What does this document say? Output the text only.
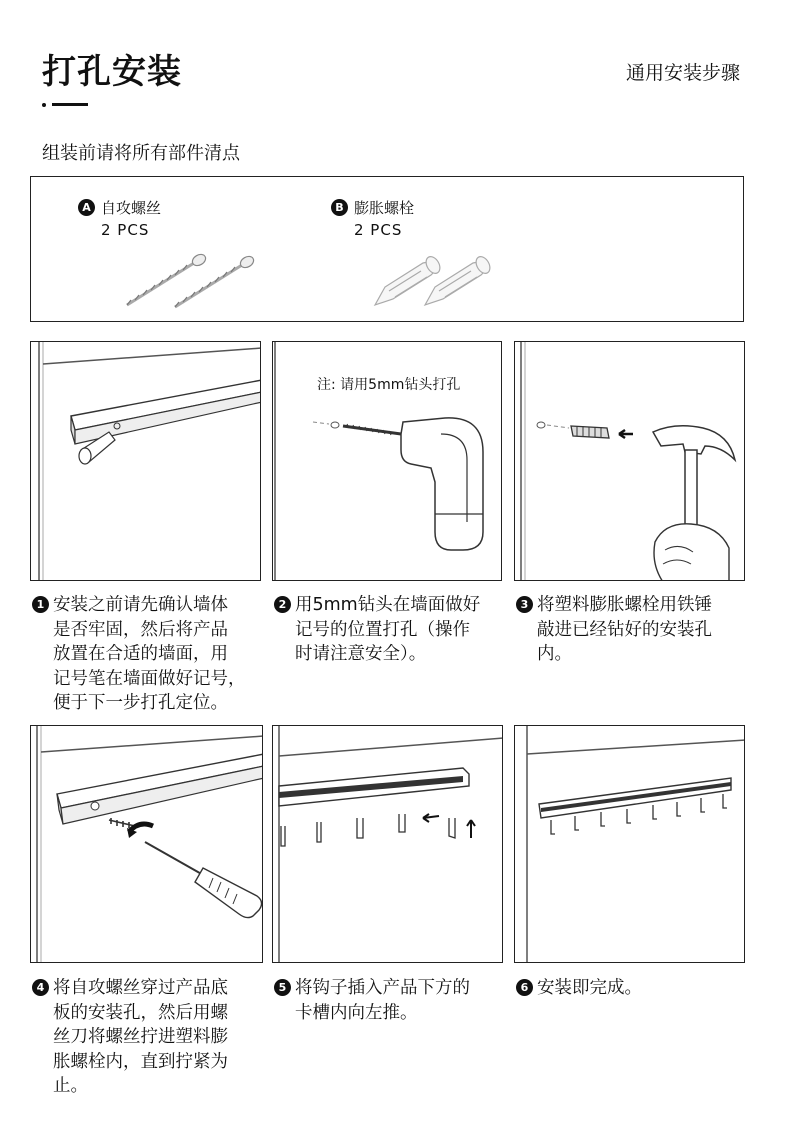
打孔安装	通用安装步骤
组装前请将所有部件清点
A 自攻螺丝
2 PCS
B 膨胀螺栓
2 PCS
注: 请用5mm钻头打孔
1 安装之前请先确认墙体
是否牢固，然后将产品
放置在合适的墙面，用
记号笔在墙面做好记号，
便于下一步打孔定位。
2 用5mm钻头在墙面做好
记号的位置打孔（操作
时请注意安全）。
3 将塑料膨胀螺栓用铁锤
敲进已经钻好的安装孔
内。
4 将自攻螺丝穿过产品底
板的安装孔，然后用螺
丝刀将螺丝拧进塑料膨
胀螺栓内，直到拧紧为
止。
5 将钩子插入产品下方的
卡槽内向左推。
6 安装即完成。
